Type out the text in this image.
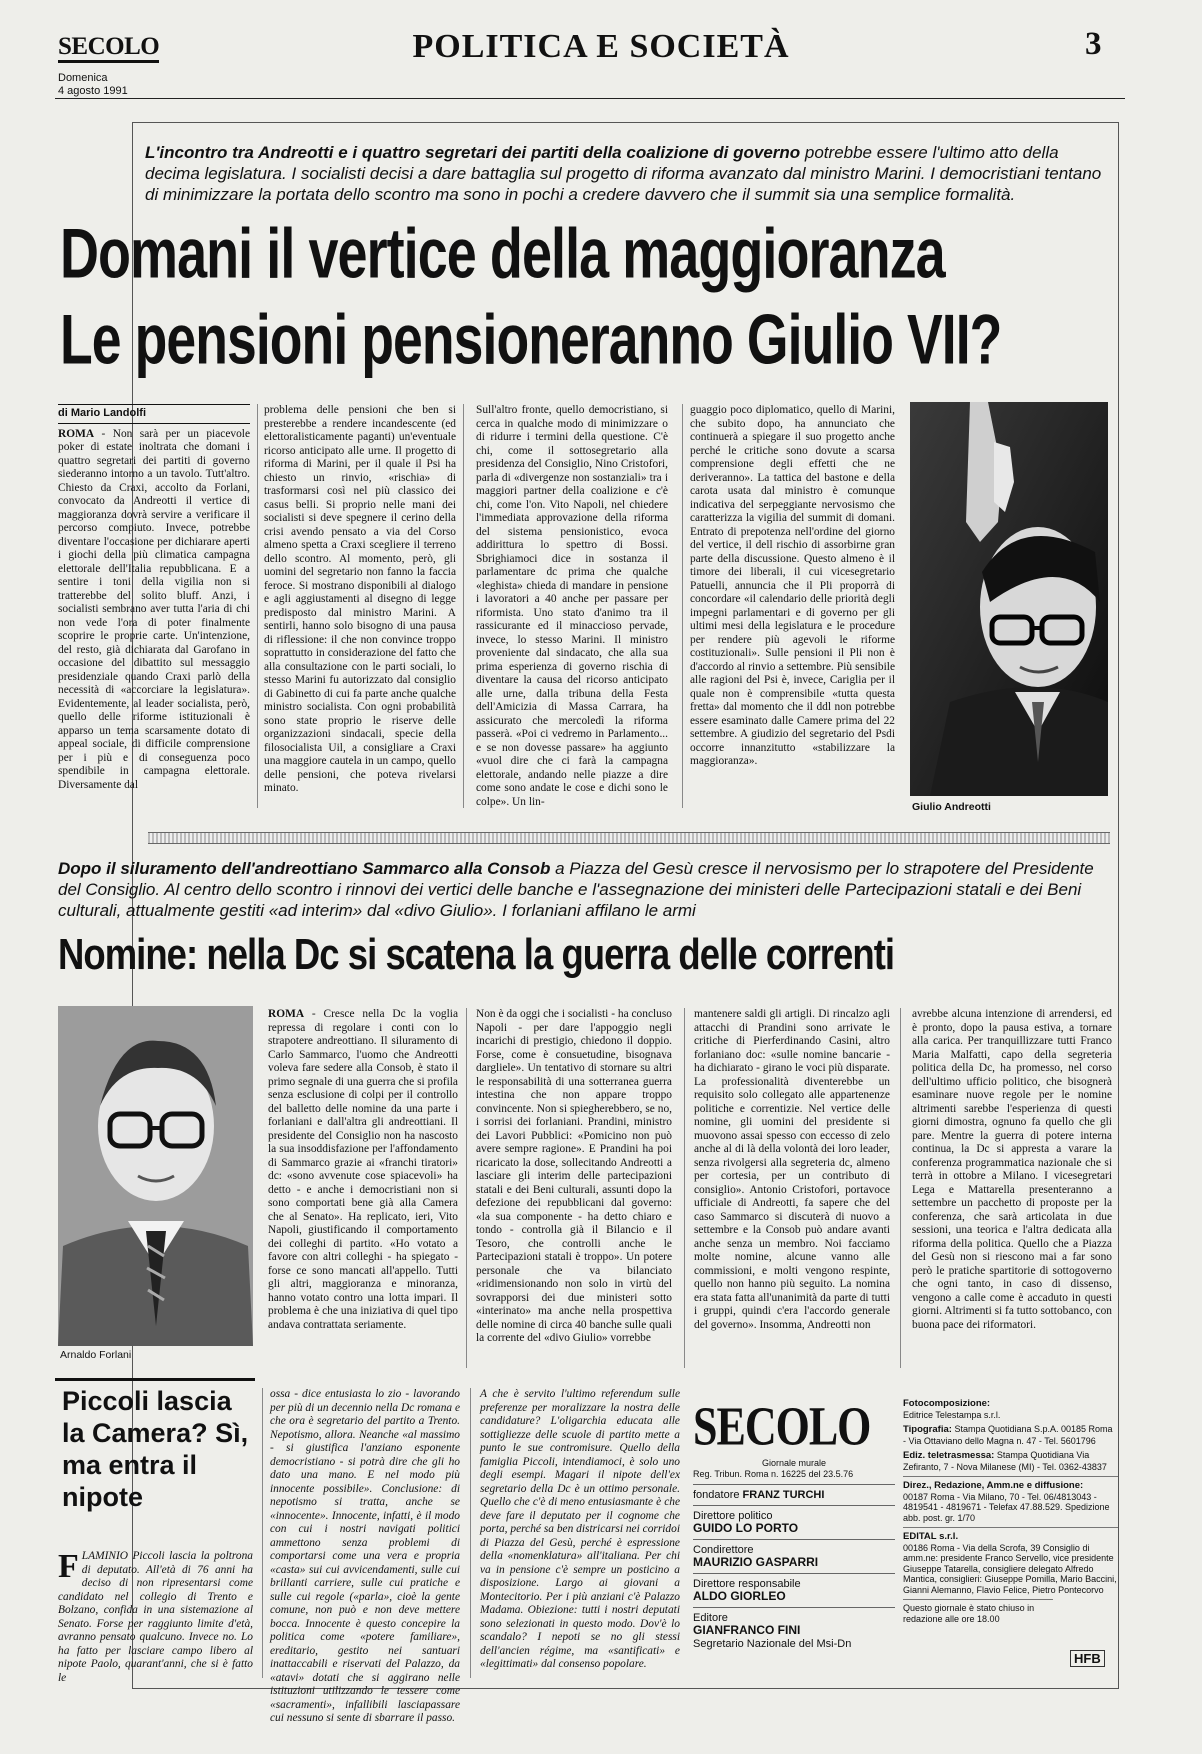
SECOLO
Domenica
4 agosto 1991
POLITICA E SOCIETÀ	3
L'incontro tra Andreotti e i quattro segretari dei partiti della coalizione di governo potrebbe essere l'ultimo atto della decima legislatura. I socialisti decisi a dare battaglia sul progetto di riforma avanzato dal ministro Marini. I democristiani tentano di minimizzare la portata dello scontro ma sono in pochi a credere davvero che il summit sia una semplice formalità.
Domani il vertice della maggioranza
Le pensioni pensioneranno Giulio VII?
di Mario Landolfi

ROMA - Non sarà per un piacevole poker di estate inoltrata che domani i quattro segretari dei partiti di governo siederanno intorno a un tavolo. Tutt'altro. Chiesto da Craxi, accolto da Forlani, convocato da Andreotti il vertice di maggioranza dovrà servire a verificare il percorso compiuto. Invece, potrebbe diventare l'occasione per dichiarare aperti i giochi della più climatica campagna elettorale dell'Italia repubblicana. E a sentire i toni della vigilia non si tratterebbe del solito bluff. Anzi, i socialisti sembrano aver tutta l'aria di chi non vede l'ora di poter finalmente scoprire le proprie carte. Un'intenzione, del resto, già dichiarata dal Garofano in occasione del dibattito sul messaggio presidenziale quando Craxi parlò della necessità di «accorciare la legislatura». Evidentemente, al leader socialista, però, quello delle riforme istituzionali è apparso un tema scarsamente dotato di appeal sociale, di difficile comprensione per i più e di conseguenza poco spendibile in campagna elettorale. Diversamente dal

problema delle pensioni che ben si presterebbe a rendere incandescente (ed elettoralisticamente paganti) un'eventuale ricorso anticipato alle urne. Il progetto di riforma di Marini, per il quale il Psi ha chiesto un rinvio, «rischia» di trasformarsi così nel più classico dei casus belli. Si proprio nelle mani dei socialisti si deve spegnere il cerino della crisi avendo pensato a via del Corso almeno spetta a Craxi scegliere il terreno dello scontro. Al momento, però, gli uomini del segretario non fanno la faccia feroce. Si mostrano disponibili al dialogo e agli aggiustamenti al disegno di legge predisposto dal ministro Marini. A sentirli, hanno solo bisogno di una pausa di riflessione: il che non convince troppo soprattutto in considerazione del fatto che alla consultazione con le parti sociali, lo stesso Marini fu autorizzato dal consiglio di Gabinetto di cui fa parte anche qualche ministro socialista. Con ogni probabilità sono state proprio le riserve delle organizzazioni sindacali, specie della filosocialista Uil, a consigliare a Craxi una maggiore cautela in un campo, quello delle pensioni, che poteva rivelarsi minato.

Sull'altro fronte, quello democristiano, si cerca in qualche modo di minimizzare o di ridurre i termini della questione. C'è chi, come il sottosegretario alla presidenza del Consiglio, Nino Cristofori, parla di «divergenze non sostanziali» tra i maggiori partner della coalizione e c'è chi, come l'on. Vito Napoli, nel chiedere l'immediata approvazione della riforma del sistema pensionistico, evoca addirittura lo spettro di Bossi. Sbrighiamoci dice in sostanza il parlamentare dc prima che qualche «leghista» chieda di mandare in pensione i lavoratori a 40 anche per passare per riformista. Uno stato d'animo tra il rassicurante ed il minaccioso pervade, invece, lo stesso Marini. Il ministro proveniente dal sindacato, che alla sua prima esperienza di governo rischia di diventare la causa del ricorso anticipato alle urne, dalla tribuna della Festa dell'Amicizia di Massa Carrara, ha assicurato che mercoledì la riforma passerà. «Poi ci vedremo in Parlamento... e se non dovesse passare» ha aggiunto «vuol dire che ci farà la campagna elettorale, andando nelle piazze a dire come sono andate le cose e dichi sono le colpe». Un lin-

guaggio poco diplomatico, quello di Marini, che subito dopo, ha annunciato che continuerà a spiegare il suo progetto anche perché le critiche sono dovute a scarsa comprensione degli effetti che ne deriveranno». La tattica del bastone e della carota usata dal ministro è comunque indicativa del serpeggiante nervosismo che caratterizza la vigilia del summit di domani. Entrato di prepotenza nell'ordine del giorno del vertice, il dell rischio di assorbirne gran parte della discussione. Questo almeno è il timore dei liberali, il cui vicesegretario Patuelli, annuncia che il Pli proporrà di concordare «il calendario delle priorità degli impegni parlamentari e di governo per gli ultimi mesi della legislatura e le procedure per rendere più agevoli le riforme costituzionali». Sulle pensioni il Pli non è d'accordo al rinvio a settembre. Più sensibile alle ragioni del Psi è, invece, Cariglia per il quale non è comprensibile «tutta questa fretta» dal momento che il ddl non potrebbe essere esaminato dalle Camere prima del 22 settembre. A giudizio del segretario del Psdi occorre innanzitutto «stabilizzare la maggioranza».

Giulio Andreotti
Dopo il siluramento dell'andreottiano Sammarco alla Consob a Piazza del Gesù cresce il nervosismo per lo strapotere del Presidente del Consiglio. Al centro dello scontro i rinnovi dei vertici delle banche e l'assegnazione dei ministeri delle Partecipazioni statali e dei Beni culturali, attualmente gestiti «ad interim» dal «divo Giulio». I forlaniani affilano le armi
Nomine: nella Dc si scatena la guerra delle correnti
Arnaldo Forlani

ROMA - Cresce nella Dc la voglia repressa di regolare i conti con lo strapotere andreottiano. Il siluramento di Carlo Sammarco, l'uomo che Andreotti voleva fare sedere alla Consob, è stato il primo segnale di una guerra che si profila senza esclusione di colpi per il controllo del balletto delle nomine da una parte i forlaniani e dall'altra gli andreottiani. Il presidente del Consiglio non ha nascosto la sua insoddisfazione per l'affondamento di Sammarco grazie ai «franchi tiratori» dc: «sono avvenute cose spiacevoli» ha detto - e anche i democristiani non si sono comportati bene già alla Camera che al Senato». Ha replicato, ieri, Vito Napoli, giustificando il comportamento dei colleghi di partito. «Ho votato a favore con altri colleghi - ha spiegato - forse ce sono mancati all'appello. Tutti gli altri, maggioranza e minoranza, hanno votato contro una lotta impari. Il problema è che una iniziativa di quel tipo andava contrattata seriamente.

Non è da oggi che i socialisti - ha concluso Napoli - per dare l'appoggio negli incarichi di prestigio, chiedono il doppio. Forse, come è consuetudine, bisognava dargliele». Un tentativo di stornare su altri le responsabilità di una sotterranea guerra intestina che non appare troppo convincente. Non si spiegherebbero, se no, i sorrisi dei forlaniani. Prandini, ministro dei Lavori Pubblici: «Pomicino non può avere sempre ragione». E Prandini ha poi ricaricato la dose, sollecitando Andreotti a lasciare gli interim delle partecipazioni statali e dei Beni culturali, assunti dopo la defezione dei repubblicani dal governo: «la sua componente - ha detto chiaro e tondo - controlla già il Bilancio e il Tesoro, che controlli anche le Partecipazioni statali è troppo». Un potere personale che va bilanciato «ridimensionando non solo in virtù del sovrapporsi dei due ministeri sotto «interinato» ma anche nella prospettiva delle nomine di circa 40 banche sulle quali la corrente del «divo Giulio» vorrebbe

mantenere saldi gli artigli. Di rincalzo agli attacchi di Prandini sono arrivate le critiche di Pierferdinando Casini, altro forlaniano doc: «sulle nomine bancarie - ha dichiarato - girano le voci più disparate. La professionalità diventerebbe un requisito solo collegato alle appartenenze politiche e correntizie. Nel vertice delle nomine, gli uomini del presidente si muovono assai spesso con eccesso di zelo anche al di là della volontà dei loro leader, senza rivolgersi alla segreteria dc, almeno per cortesia, per un contributo di consiglio». Antonio Cristofori, portavoce ufficiale di Andreotti, fa sapere che del caso Sammarco si discuterà di nuovo a settembre e la Consob può andare avanti anche senza un membro. Noi facciamo molte nomine, alcune vanno alle commissioni, e molti vengono respinte, quello non hanno più seguito. La nomina era stata fatta all'unanimità da parte di tutti i gruppi, quindi c'era l'accordo generale del governo». Insomma, Andreotti non

avrebbe alcuna intenzione di arrendersi, ed è pronto, dopo la pausa estiva, a tornare alla carica. Per tranquillizzare tutti Franco Maria Malfatti, capo della segreteria politica della Dc, ha promesso, nel corso dell'ultimo ufficio politico, che bisognerà esaminare nuove regole per le nomine altrimenti sarebbe l'esperienza di questi giorni dimostra, ognuno fa quello che gli pare. Mentre la guerra di potere interna continua, la Dc si appresta a varare la conferenza programmatica nazionale che si terrà in ottobre a Milano. I vicesegretari Lega e Mattarella presenteranno a settembre un pacchetto di proposte per la conferenza, che sarà articolata in due sessioni, una teorica e l'altra dedicata alla riforma della politica. Quello che a Piazza del Gesù non si riescono mai a far sono però le pratiche spartitorie di sottogoverno che ogni tanto, in caso di dissenso, vengono a calle come è accaduto in questi giorni. Altrimenti si fa tutto sottobanco, con buona pace dei riformatori.

Piccoli lascia la Camera? Sì, ma entra il nipote
FLAMINIO Piccoli lascia la poltrona di deputato. All'età di 76 anni ha deciso di non ripresentarsi come candidato nel collegio di Trento e Bolzano, confida in una sistemazione al Senato. Forse per raggiunto limite d'età, avranno pensato qualcuno. Invece no. Lo ha fatto per lasciare campo libero al nipote Paolo, quarant'anni, che si è fatto le
ossa - dice entusiasta lo zio - lavorando per più di un decennio nella Dc romana e che ora è segretario del partito a Trento. Nepotismo, allora. Neanche «al massimo - si giustifica l'anziano esponente democristiano - si potrà dire che gli ho dato una mano. E nel modo più innocente possibile». Conclusione: di nepotismo si tratta, anche se «innocente». Innocente, infatti, è il modo con cui i nostri navigati politici ammettono senza problemi di comportarsi come una vera e propria «casta» sui cui avvicendamenti, sulle cui brillanti carriere, sulle cui pratiche e sulle cui regole («parla», cioè la gente comune, non può e non deve mettere bocca. Innocente è questo concepire la politica come «potere familiare», ereditario, gestito nei santuari inattaccabili e riservati del Palazzo, da «atavi» dotati che si aggirano nelle istituzioni utilizzando le tessere come «sacramenti», infallibili lasciapassare cui nessuno si sente di sbarrare il passo.
A che è servito l'ultimo referendum sulle preferenze per moralizzare la nostra delle candidature? L'oligarchia educata alle sottigliezze delle scuole di partito mette a punto le sue contromisure. Quello della famiglia Piccoli, intendiamoci, è solo uno degli esempi. Magari il nipote dell'ex segretario della Dc è un ottimo personale. Quello che c'è di meno entusiasmante è che deve fare il deputato per il cognome che porta, perché sa ben districarsi nei corridoi di Piazza del Gesù, perché è espressione della «nomenklatura» all'italiana. Per chi va in pensione c'è sempre un posticino a disposizione. Largo ai giovani a Montecitorio. Per i più anziani c'è Palazzo Madama. Obiezione: tutti i nostri deputati sono selezionati in questo modo. Dov'è lo scandalo? I nepoti se no gli stessi dell'ancien régime, ma «santificati» e «legittimati» dal consenso popolare.
SECOLO
Giornale murale
Reg. Tribun. Roma n. 16225 del 23.5.76
fondatore FRANZ TURCHI
Direttore politico
GUIDO LO PORTO
Condirettore
MAURIZIO GASPARRI
Direttore responsabile
ALDO GIORLEO
Editore
GIANFRANCO FINI
Segretario Nazionale del Msi-Dn
Fotocomposizione:
Editrice Telestampa s.r.l.
Tipografia: Stampa Quotidiana S.p.A. 00185 Roma - Via Ottaviano dello Magna n. 47 - Tel. 5601796
Ediz. teletrasmessa: Stampa Quotidiana Via Zefiranto, 7 - Nova Milanese (MI) - Tel. 0362-43837
Direz., Redazione, Amm.ne e diffusione:
00187 Roma - Via Milano, 70 - Tel. 06/4813043 - 4819541 - 4819671 - Telefax 47.88.529. Spedizione abb. post. gr. 1/70
EDITAL s.r.l.
00186 Roma - Via della Scrofa, 39 Consiglio di amm.ne: presidente Franco Servello, vice presidente Giuseppe Tatarella, consigliere delegato Alfredo Mantica, consiglieri: Giuseppe Pomilla, Mario Baccini, Gianni Alemanno, Flavio Felice, Pietro Pontecorvo
Questo giornale è stato chiuso in redazione alle ore 18.00
HFB
